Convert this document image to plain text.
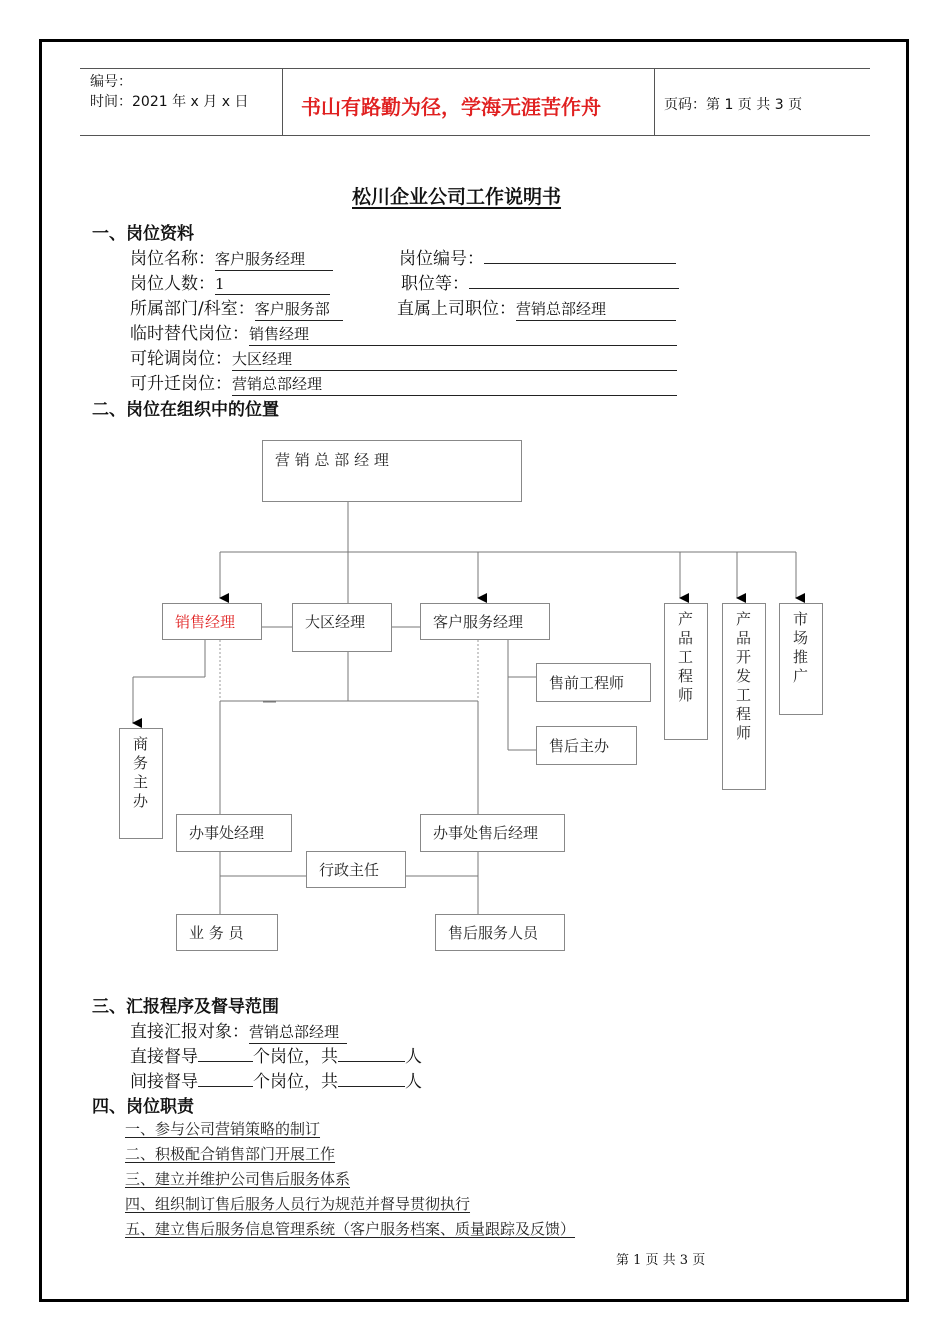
编号：
时间：2021 年 x 月 x 日	书山有路勤为径，学海无涯苦作舟	页码：第 1 页 共 3 页
松川企业公司工作说明书
一、岗位资料
岗位名称：客户服务经理	岗位编号：
岗位人数：1	职位等：
所属部门/科室：客户服务部	直属上司职位：营销总部经理
临时替代岗位：销售经理
可轮调岗位：大区经理
可升迁岗位：营销总部经理
二、岗位在组织中的位置
营 销 总 部 经 理
销售经理	大区经理	客户服务经理	产品工程师
产品开发工程师
市场推广
售前工程师
售后主办
商务主办
办事处经理	办事处售后经理
行政主任
业 务 员	售后服务人员
三、汇报程序及督导范围
直接汇报对象：营销总部经理
直接督导	个岗位，共	人
间接督导	个岗位，共	人
四、岗位职责
一、参与公司营销策略的制订
二、积极配合销售部门开展工作
三、建立并维护公司售后服务体系
四、组织制订售后服务人员行为规范并督导贯彻执行
五、建立售后服务信息管理系统（客户服务档案、质量跟踪及反馈）
第 1 页 共 3 页
